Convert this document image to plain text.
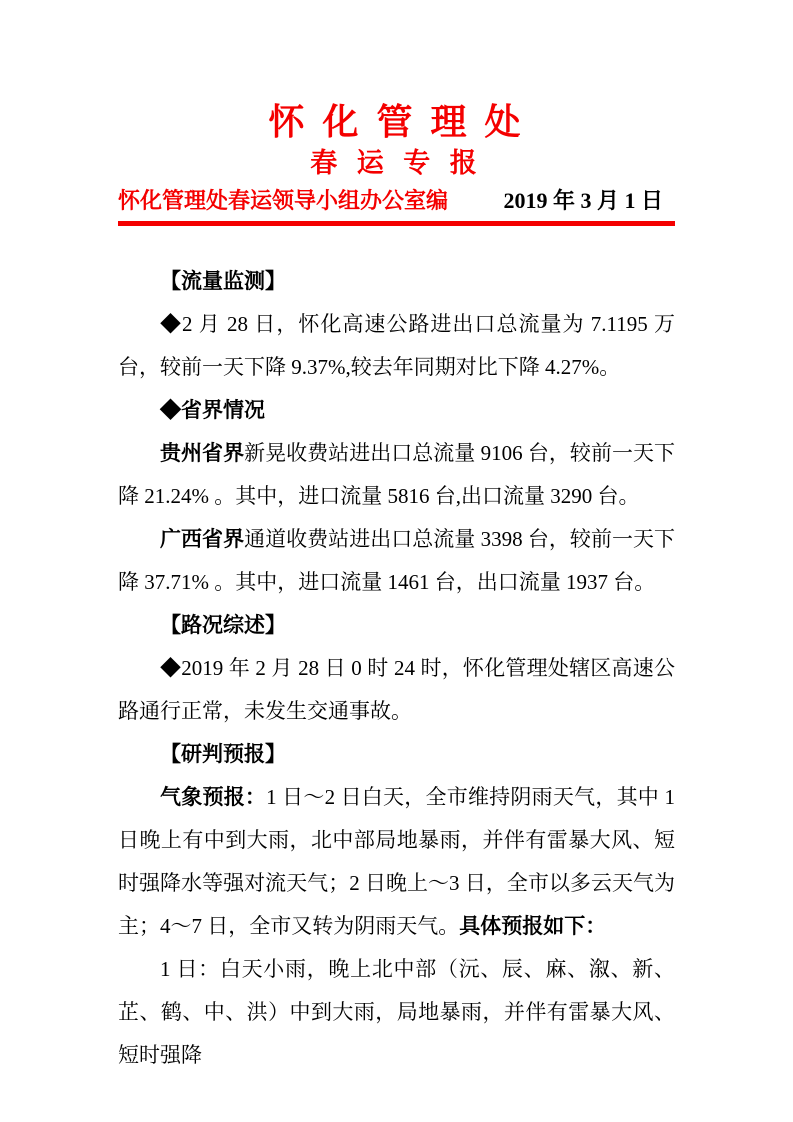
怀 化 管 理 处
春 运 专 报
怀化管理处春运领导小组办公室编	2019 年 3 月 1 日

【流量监测】

◆2 月 28 日，怀化高速公路进出口总流量为 7.1195 万台，较前一天下降 9.37%,较去年同期对比下降 4.27%。

◆省界情况

贵州省界新晃收费站进出口总流量 9106 台，较前一天下降 21.24% 。其中，进口流量 5816 台,出口流量 3290 台。

广西省界通道收费站进出口总流量 3398 台，较前一天下降 37.71% 。其中，进口流量 1461 台，出口流量 1937 台。

【路况综述】

◆2019 年 2 月 28 日 0 时 24 时，怀化管理处辖区高速公路通行正常，未发生交通事故。

【研判预报】

气象预报：1 日～2 日白天，全市维持阴雨天气，其中 1 日晚上有中到大雨，北中部局地暴雨，并伴有雷暴大风、短时强降水等强对流天气；2 日晚上～3 日，全市以多云天气为主；4～7 日，全市又转为阴雨天气。具体预报如下：

1 日：白天小雨，晚上北中部（沅、辰、麻、溆、新、芷、鹤、中、洪）中到大雨，局地暴雨，并伴有雷暴大风、短时强降
